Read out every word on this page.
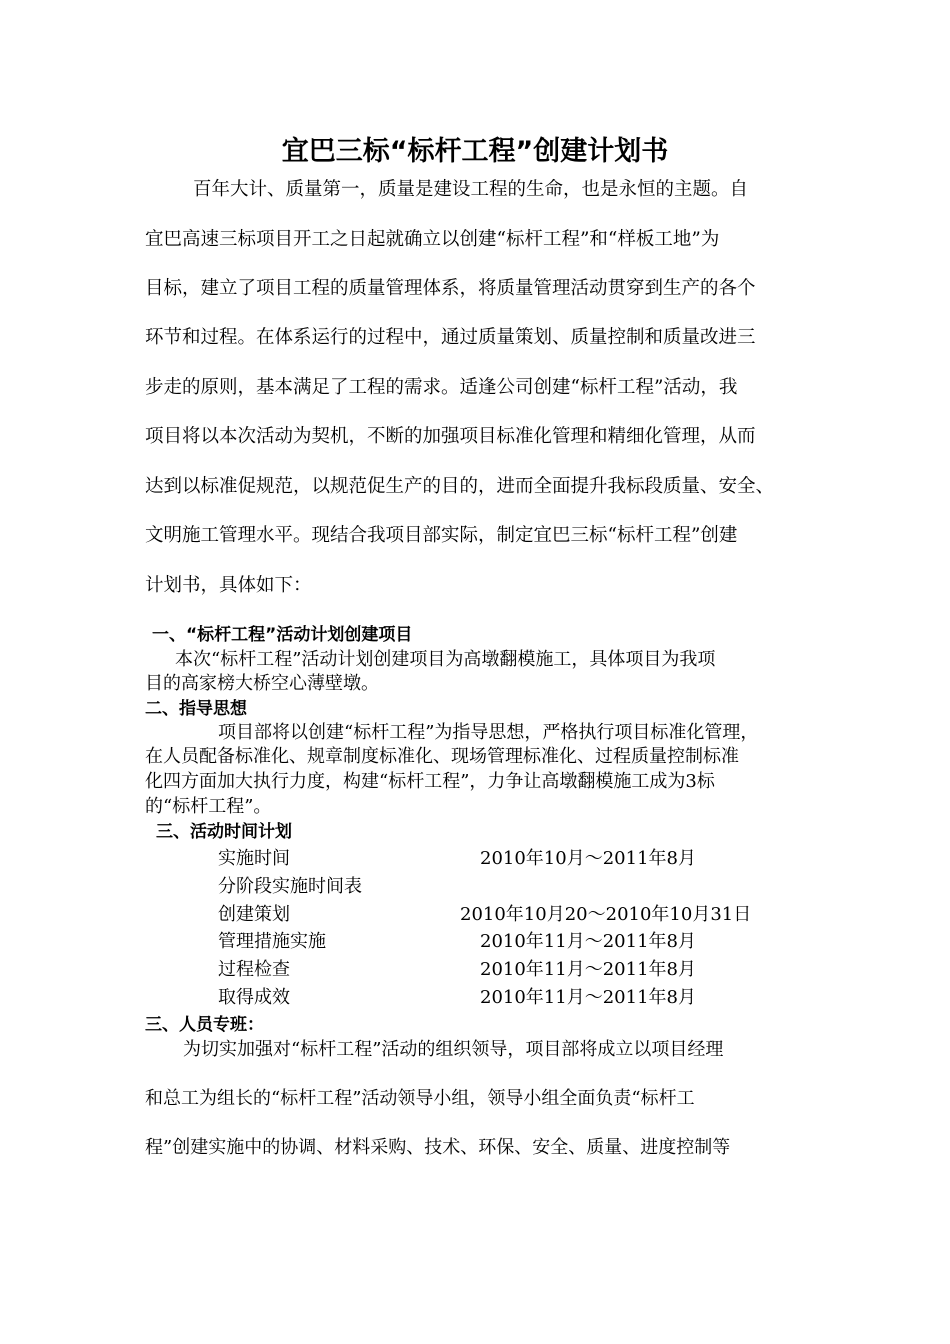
宜巴三标“标杆工程”创建计划书

百年大计、质量第一，质量是建设工程的生命，也是永恒的主题。自

宜巴高速三标项目开工之日起就确立以创建“标杆工程”和“样板工地”为

目标，建立了项目工程的质量管理体系，将质量管理活动贯穿到生产的各个

环节和过程。在体系运行的过程中，通过质量策划、质量控制和质量改进三

步走的原则，基本满足了工程的需求。适逢公司创建“标杆工程”活动，我

项目将以本次活动为契机，不断的加强项目标准化管理和精细化管理，从而

达到以标准促规范，以规范促生产的目的，进而全面提升我标段质量、安全、

文明施工管理水平。现结合我项目部实际，制定宜巴三标“标杆工程”创建

计划书，具体如下：

一、“标杆工程”活动计划创建项目

本次“标杆工程”活动计划创建项目为高墩翻模施工，具体项目为我项

目的高家榜大桥空心薄壁墩。

二、指导思想

项目部将以创建“标杆工程”为指导思想，严格执行项目标准化管理，

在人员配备标准化、规章制度标准化、现场管理标准化、过程质量控制标准

化四方面加大执行力度，构建“标杆工程”，力争让高墩翻模施工成为3标

的“标杆工程”。

三、活动时间计划

实施时间	2010年10月～2011年8月

分阶段实施时间表

创建策划	2010年10月20～2010年10月31日

管理措施实施	2010年11月～2011年8月

过程检查	2010年11月～2011年8月

取得成效	2010年11月～2011年8月

三、人员专班：

为切实加强对“标杆工程”活动的组织领导，项目部将成立以项目经理

和总工为组长的“标杆工程”活动领导小组，领导小组全面负责“标杆工

程”创建实施中的协调、材料采购、技术、环保、安全、质量、进度控制等
